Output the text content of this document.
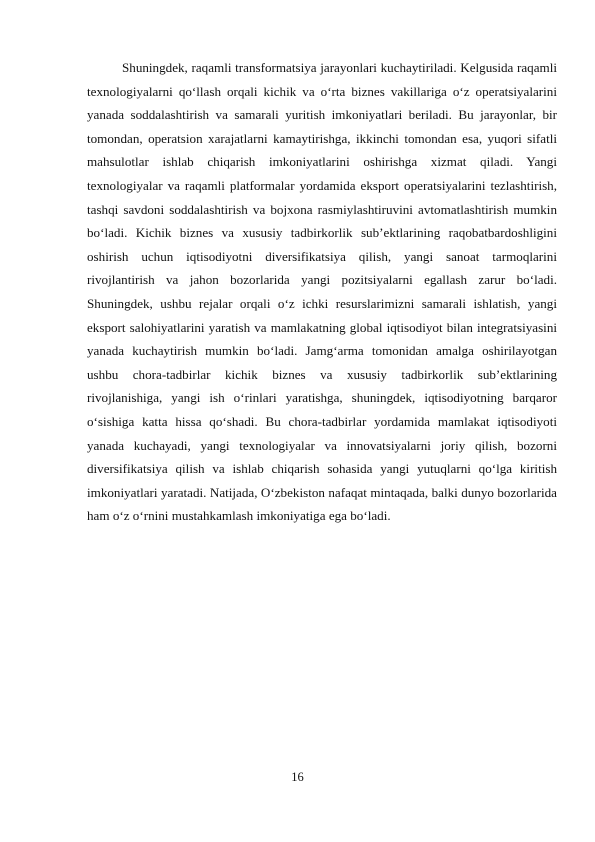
Shuningdek, raqamli transformatsiya jarayonlari kuchaytiriladi. Kelgusida raqamli texnologiyalarni qo‘llash orqali kichik va o‘rta biznes vakillariga o‘z operatsiyalarini yanada soddalashtirish va samarali yuritish imkoniyatlari beriladi. Bu jarayonlar, bir tomondan, operatsion xarajatlarni kamaytirishga, ikkinchi tomondan esa, yuqori sifatli mahsulotlar ishlab chiqarish imkoniyatlarini oshirishga xizmat qiladi. Yangi texnologiyalar va raqamli platformalar yordamida eksport operatsiyalarini tezlashtirish, tashqi savdoni soddalashtirish va bojxona rasmiylashtiruvini avtomatlashtirish mumkin bo‘ladi. Kichik biznes va xususiy tadbirkorlik sub’ektlarining raqobatbardoshligini oshirish uchun iqtisodiyotni diversifikatsiya qilish, yangi sanoat tarmoqlarini rivojlantirish va jahon bozorlarida yangi pozitsiyalarni egallash zarur bo‘ladi. Shuningdek, ushbu rejalar orqali o‘z ichki resurslarimizni samarali ishlatish, yangi eksport salohiyatlarini yaratish va mamlakatning global iqtisodiyot bilan integratsiyasini yanada kuchaytirish mumkin bo‘ladi. Jamg‘arma tomonidan amalga oshirilayotgan ushbu chora-tadbirlar kichik biznes va xususiy tadbirkorlik sub’ektlarining rivojlanishiga, yangi ish o‘rinlari yaratishga, shuningdek, iqtisodiyotning barqaror o‘sishiga katta hissa qo‘shadi. Bu chora-tadbirlar yordamida mamlakat iqtisodiyoti yanada kuchayadi, yangi texnologiyalar va innovatsiyalarni joriy qilish, bozorni diversifikatsiya qilish va ishlab chiqarish sohasida yangi yutuqlarni qo‘lga kiritish imkoniyatlari yaratadi. Natijada, O‘zbekiston nafaqat mintaqada, balki dunyo bozorlarida ham o‘z o‘rnini mustahkamlash imkoniyatiga ega bo‘ladi.

16
